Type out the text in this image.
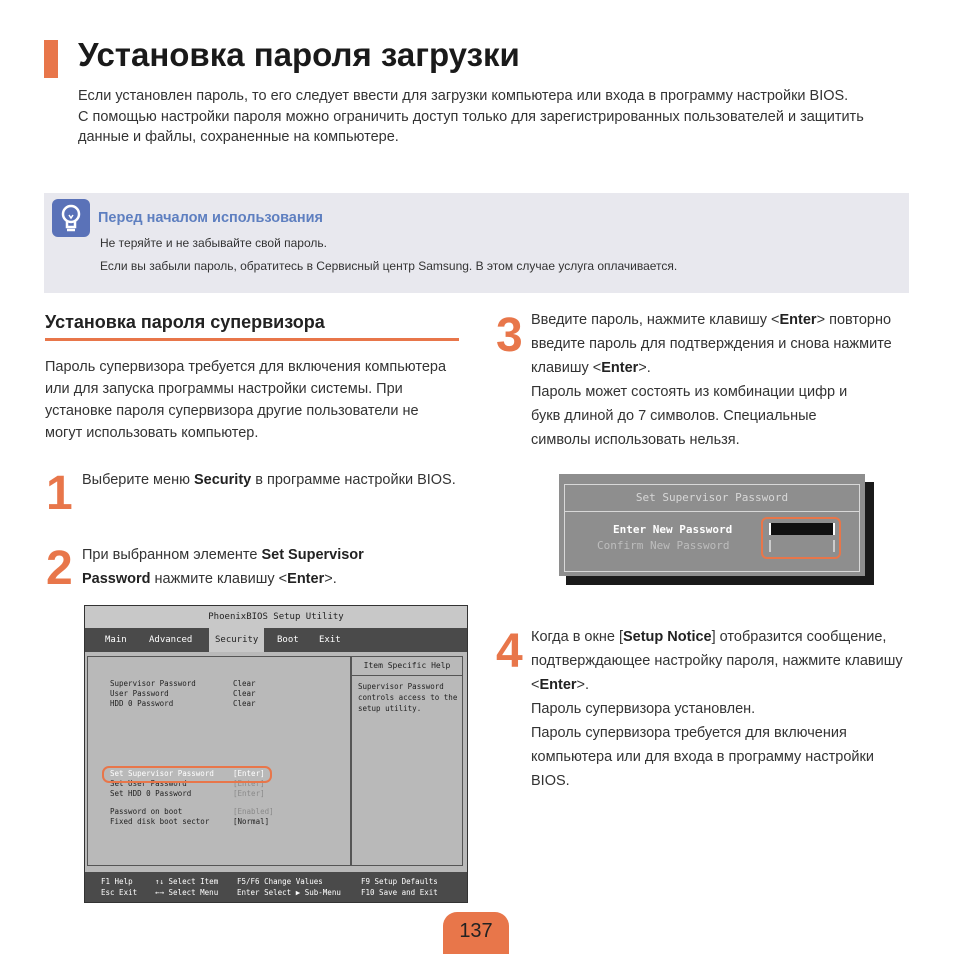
Установка пароля загрузки

Если установлен пароль, то его следует ввести для загрузки компьютера или входа в программу настройки BIOS.

С помощью настройки пароля можно ограничить доступ только для зарегистрированных пользователей и защитить данные и файлы, сохраненные на компьютере.

Перед началом использования
Не теряйте и не забывайте свой пароль.
Если вы забыли пароль, обратитесь в Сервисный центр Samsung. В этом случае услуга оплачивается.
Установка пароля супервизора
Пароль супервизора требуется для включения компьютера или для запуска программы настройки системы. При установке пароля супервизора другие пользователи не могут использовать компьютер.
1 Выберите меню Security в программе настройки BIOS.
2 При выбранном элементе Set Supervisor Password нажмите клавишу <Enter>.
PhoenixBIOS Setup Utility
Main Advanced	Security	Boot Exit
Supervisor Password	Clear
User Password	Clear
HDD 0 Password	Clear
Set Supervisor Password	[Enter]
Set User Password	[Enter]
Set HDD 0 Password	[Enter]
Password on boot	[Enabled]
Fixed disk boot sector	[Normal]
Item Specific Help
Supervisor Password controls access to the setup utility.
F1 Help
Esc Exit
↑↓ Select Item
←→ Select Menu
F5/F6 Change Values
Enter Select ▶ Sub-Menu
F9 Setup Defaults
F10 Save and Exit
3 Введите пароль, нажмите клавишу <Enter> повторно введите пароль для подтверждения и снова нажмите клавишу <Enter>.
Пароль может состоять из комбинации цифр и букв длиной до 7 символов. Специальные символы использовать нельзя.
Set Supervisor Password
Enter New Password
Confirm New Password
4 Когда в окне [Setup Notice] отобразится сообщение, подтверждающее настройку пароля, нажмите клавишу <Enter>.
Пароль супервизора установлен.
Пароль супервизора требуется для включения компьютера или для входа в программу настройки BIOS.
137
